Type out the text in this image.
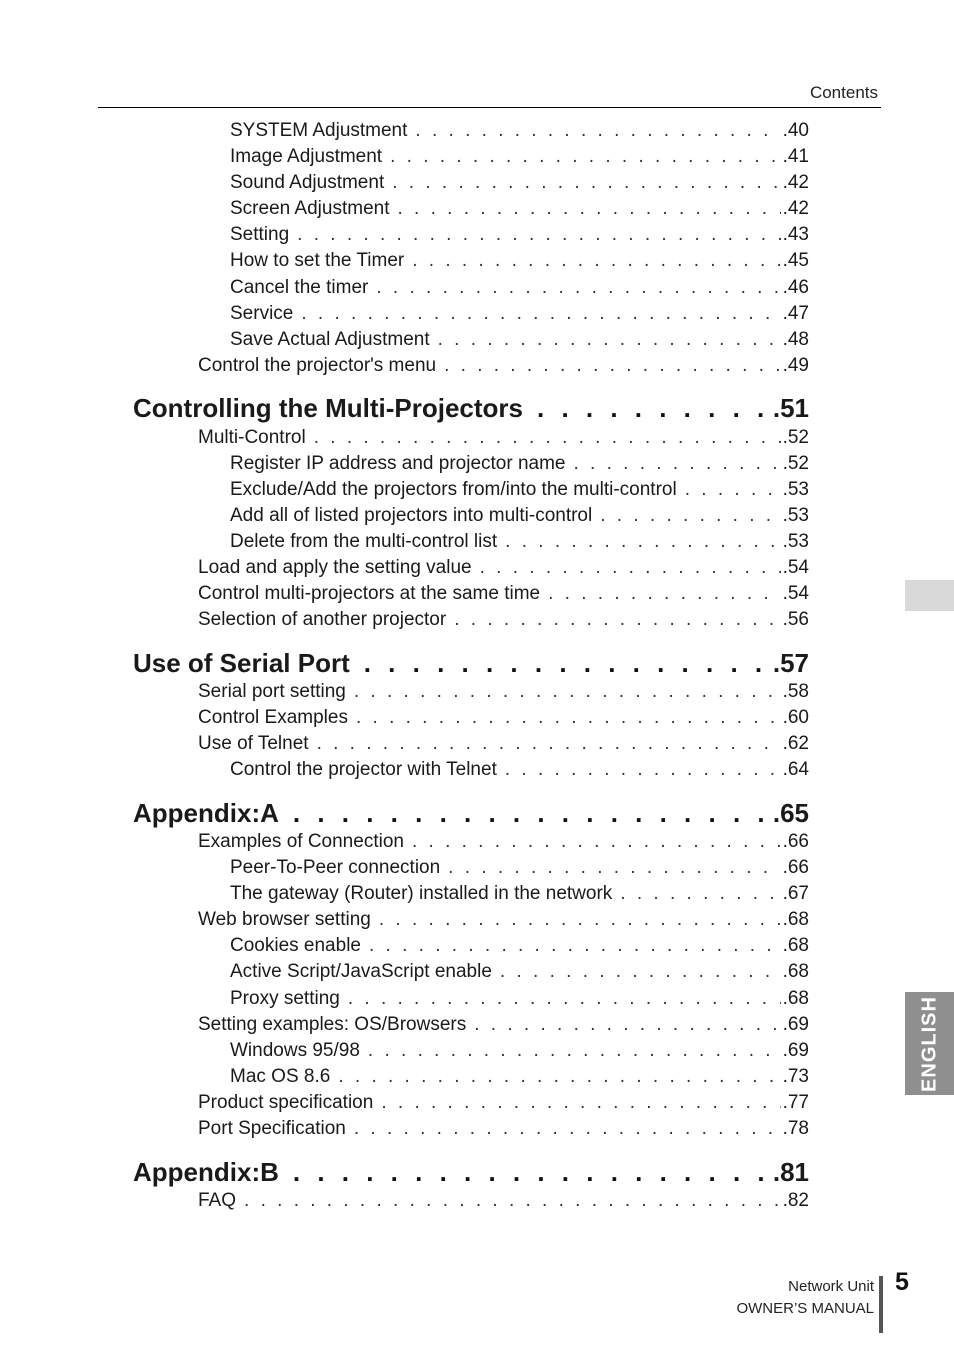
Contents
SYSTEM Adjustment . . .	.40
Image Adjustment . . .	.41
Sound Adjustment . . .	.42
Screen Adjustment . . .	.42
Setting . . .	.43
How to set the Timer . . .	.45
Cancel the timer . . .	.46
Service . . .	.47
Save Actual Adjustment . . .	.48
Control the projector's menu . . .	.49
Controlling the Multi-Projectors . . .	.51
Multi-Control . . .	.52
Register IP address and projector name . . .	.52
Exclude/Add the projectors from/into the multi-control . . .	.53
Add all of listed projectors into multi-control . . .	.53
Delete from the multi-control list . . .	.53
Load and apply the setting value . . .	.54
Control multi-projectors at the same time . . .	.54
Selection of another projector . . .	.56
Use of Serial Port . . .	.57
Serial port setting . . .	.58
Control Examples . . .	.60
Use of Telnet . . .	.62
Control the projector with Telnet . . .	.64
Appendix:A . . .	.65
Examples of Connection . . .	.66
Peer-To-Peer connection . . .	.66
The gateway (Router) installed in the network . . .	.67
Web browser setting . . .	.68
Cookies enable . . .	.68
Active Script/JavaScript enable . . .	.68
Proxy setting . . .	.68
Setting examples: OS/Browsers . . .	.69
Windows 95/98 . . .	.69
Mac OS 8.6 . . .	.73
Product specification . . .	.77
Port Specification . . .	.78
Appendix:B . . .	.81
FAQ . . .	.82
ENGLISH
Network Unit
OWNER’S MANUAL
5
